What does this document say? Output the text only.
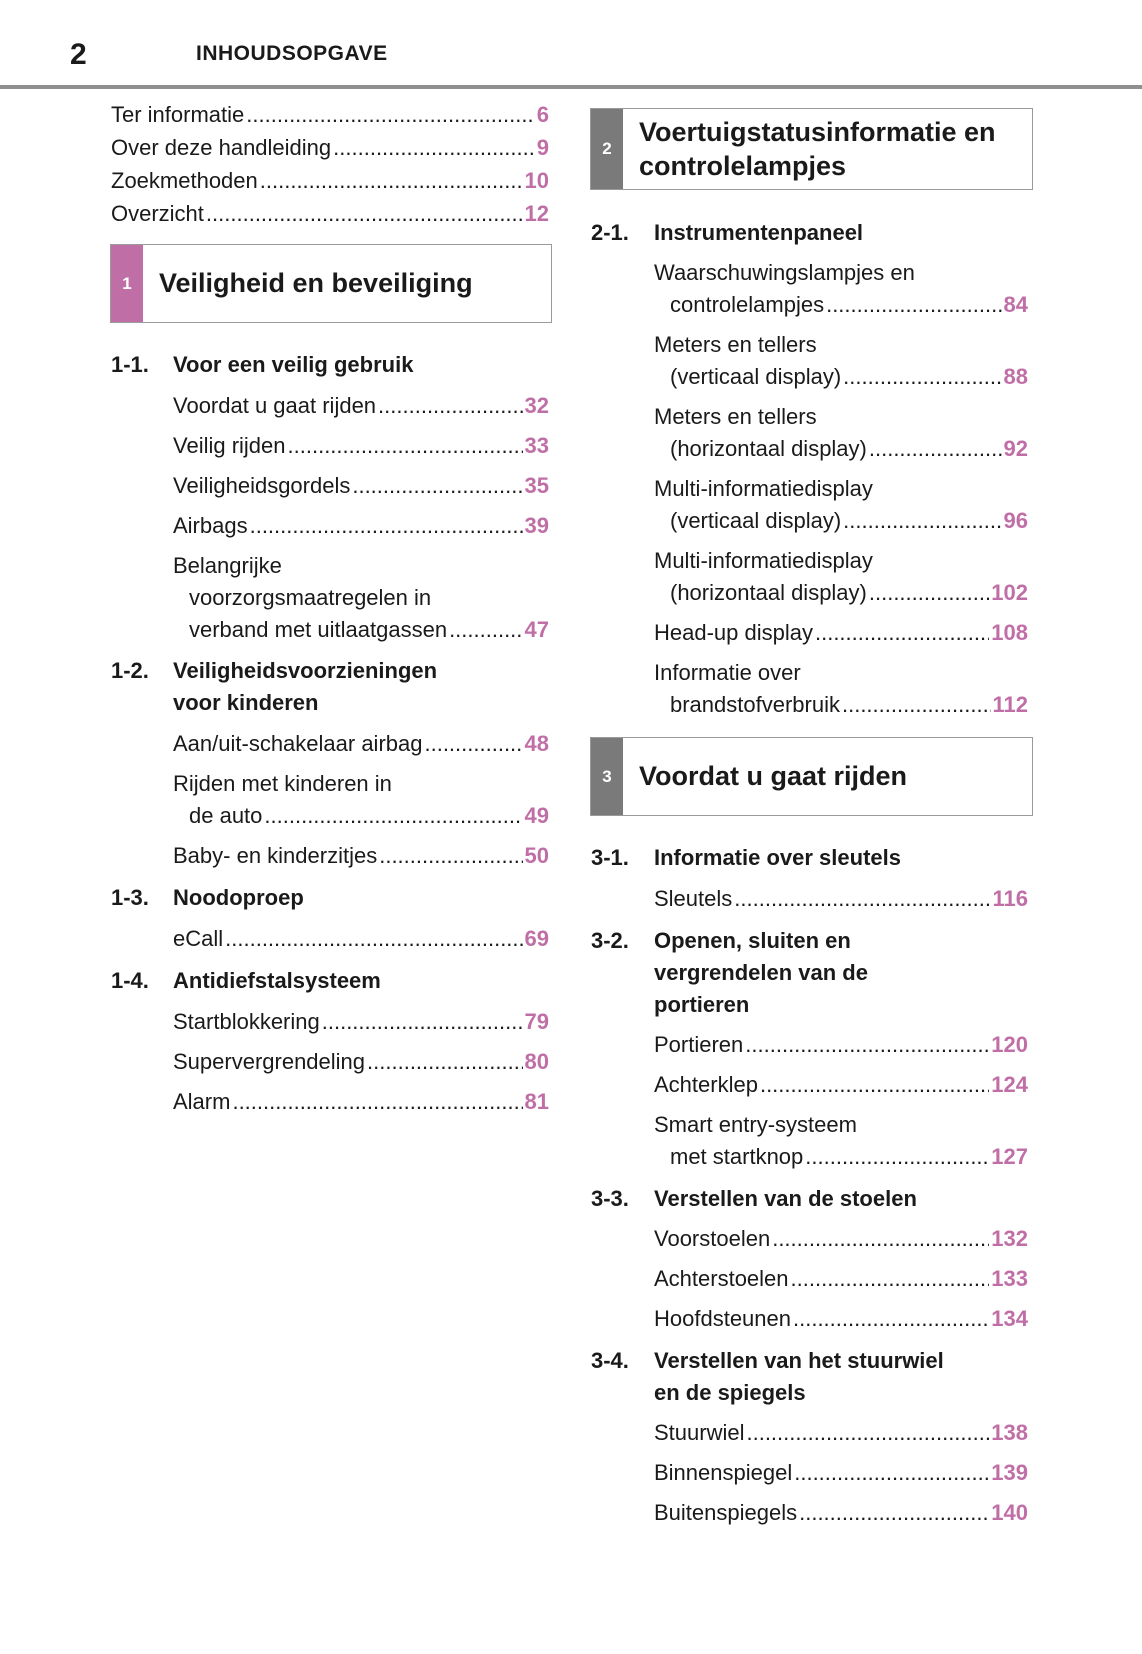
2	INHOUDSOPGAVE
Ter informatie .....	6
Over deze handleiding .....	9
Zoekmethoden .....	10
Overzicht .....	12
1	Veiligheid en beveiliging
1-1. Voor een veilig gebruik
Voordat u gaat rijden .....	32
Veilig rijden .....	33
Veiligheidsgordels .....	35
Airbags .....	39
Belangrijke
voorzorgsmaatregelen in
verband met uitlaatgassen .....	47
1-2. Veiligheidsvoorzieningen
voor kinderen
Aan/uit-schakelaar airbag .....	48
Rijden met kinderen in
de auto .....	49
Baby- en kinderzitjes .....	50
1-3. Noodoproep
eCall .....	69
1-4. Antidiefstalsysteem
Startblokkering .....	79
Supervergrendeling .....	80
Alarm .....	81
2
Voertuigstatusinformatie en
controlelampjes
2-1. Instrumentenpaneel
Waarschuwingslampjes en
controlelampjes .....	84
Meters en tellers
(verticaal display) .....	88
Meters en tellers
(horizontaal display) .....	92
Multi-informatiedisplay
(verticaal display) .....	96
Multi-informatiedisplay
(horizontaal display) .....	102
Head-up display .....	108
Informatie over
brandstofverbruik .....	112
3	Voordat u gaat rijden
3-1. Informatie over sleutels
Sleutels .....	116
3-2. Openen, sluiten en
vergrendelen van de
portieren
Portieren .....	120
Achterklep .....	124
Smart entry-systeem
met startknop .....	127
3-3. Verstellen van de stoelen
Voorstoelen .....	132
Achterstoelen .....	133
Hoofdsteunen .....	134
3-4. Verstellen van het stuurwiel
en de spiegels
Stuurwiel .....	138
Binnenspiegel .....	139
Buitenspiegels .....	140
